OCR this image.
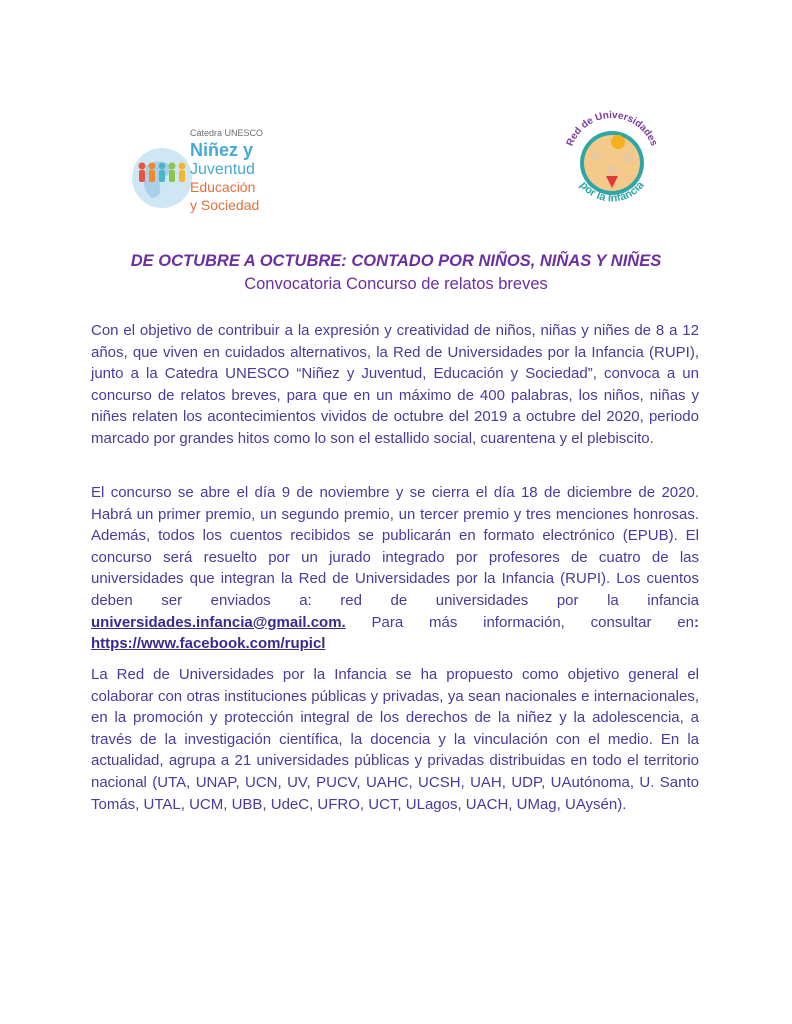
Cátedra UNESCO
Niñez y
Juventud
Educación
y Sociedad
Red de Universidades
por la Infancia
DE OCTUBRE A OCTUBRE: CONTADO POR NIÑOS, NIÑAS Y NIÑES
Convocatoria Concurso de relatos breves
Con el objetivo de contribuir a la expresión y creatividad de niños, niñas y niñes de 8 a 12 años, que viven en cuidados alternativos, la Red de Universidades por la Infancia (RUPI), junto a la Catedra UNESCO “Niñez y Juventud, Educación y Sociedad”, convoca a un concurso de relatos breves, para que en un máximo de 400 palabras, los niños, niñas y niñes relaten los acontecimientos vividos de octubre del 2019 a octubre del 2020, periodo marcado por grandes hitos como lo son el estallido social, cuarentena y el plebiscito.
El concurso se abre el día 9 de noviembre y se cierra el día 18 de diciembre de 2020. Habrá un primer premio, un segundo premio, un tercer premio y tres menciones honrosas. Además, todos los cuentos recibidos se publicarán en formato electrónico (EPUB). El concurso será resuelto por un jurado integrado por profesores de cuatro de las universidades que integran la Red de Universidades por la Infancia (RUPI). Los cuentos deben ser enviados a: red de universidades por la infancia universidades.infancia@gmail.com. Para más información, consultar en: https://www.facebook.com/rupicl
La Red de Universidades por la Infancia se ha propuesto como objetivo general el colaborar con otras instituciones públicas y privadas, ya sean nacionales e internacionales, en la promoción y protección integral de los derechos de la niñez y la adolescencia, a través de la investigación científica, la docencia y la vinculación con el medio. En la actualidad, agrupa a 21 universidades públicas y privadas distribuidas en todo el territorio nacional (UTA, UNAP, UCN, UV, PUCV, UAHC, UCSH, UAH, UDP, UAutónoma, U. Santo Tomás, UTAL, UCM, UBB, UdeC, UFRO, UCT, ULagos, UACH, UMag, UAysén).
